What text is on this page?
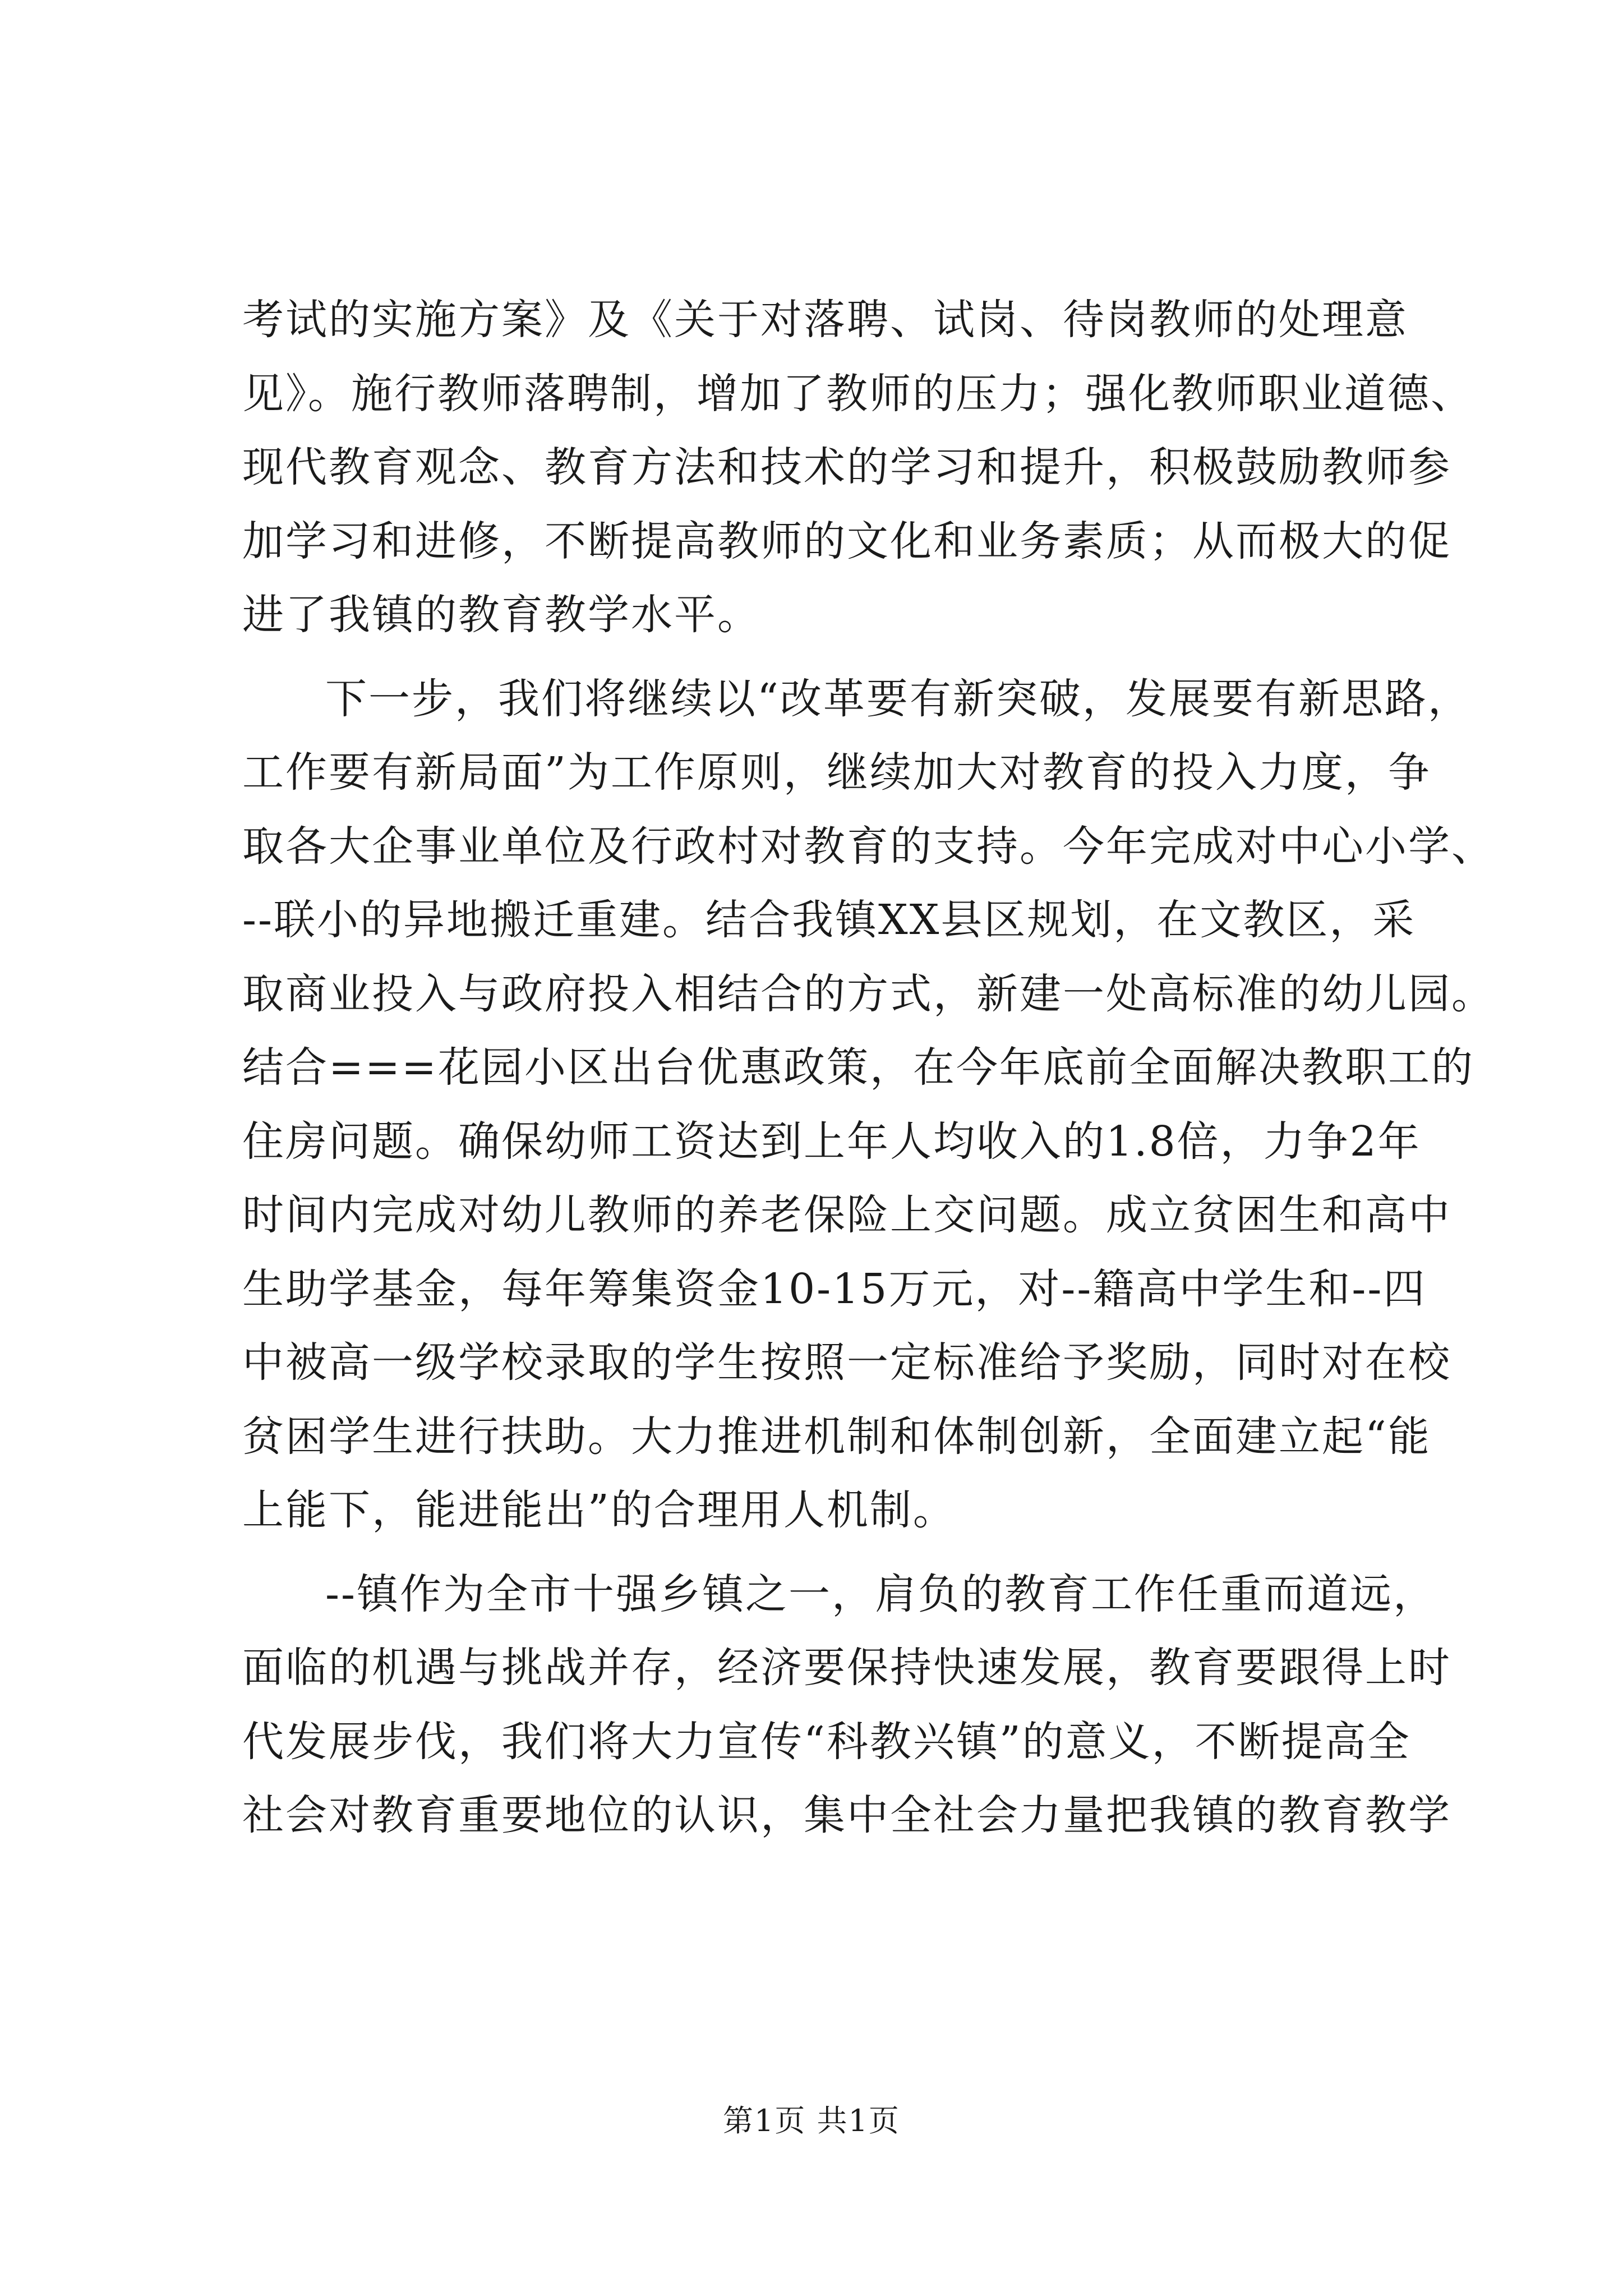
考试的实施方案》及《关于对落聘、试岗、待岗教师的处理意
见》。施行教师落聘制，增加了教师的压力；强化教师职业道德、
现代教育观念、教育方法和技术的学习和提升，积极鼓励教师参
加学习和进修，不断提高教师的文化和业务素质；从而极大的促
进了我镇的教育教学水平。
下一步，我们将继续以“改革要有新突破，发展要有新思路，
工作要有新局面”为工作原则，继续加大对教育的投入力度，争
取各大企事业单位及行政村对教育的支持。今年完成对中心小学、
--联小的异地搬迁重建。结合我镇XX县区规划，在文教区，采
取商业投入与政府投入相结合的方式，新建一处高标准的幼儿园。
结合===花园小区出台优惠政策，在今年底前全面解决教职工的
住房问题。确保幼师工资达到上年人均收入的1.8倍，力争2年
时间内完成对幼儿教师的养老保险上交问题。成立贫困生和高中
生助学基金，每年筹集资金10-15万元，对--籍高中学生和--四
中被高一级学校录取的学生按照一定标准给予奖励，同时对在校
贫困学生进行扶助。大力推进机制和体制创新，全面建立起“能
上能下，能进能出”的合理用人机制。
--镇作为全市十强乡镇之一，肩负的教育工作任重而道远，
面临的机遇与挑战并存，经济要保持快速发展，教育要跟得上时
代发展步伐，我们将大力宣传“科教兴镇”的意义，不断提高全
社会对教育重要地位的认识，集中全社会力量把我镇的教育教学
第1页 共1页
